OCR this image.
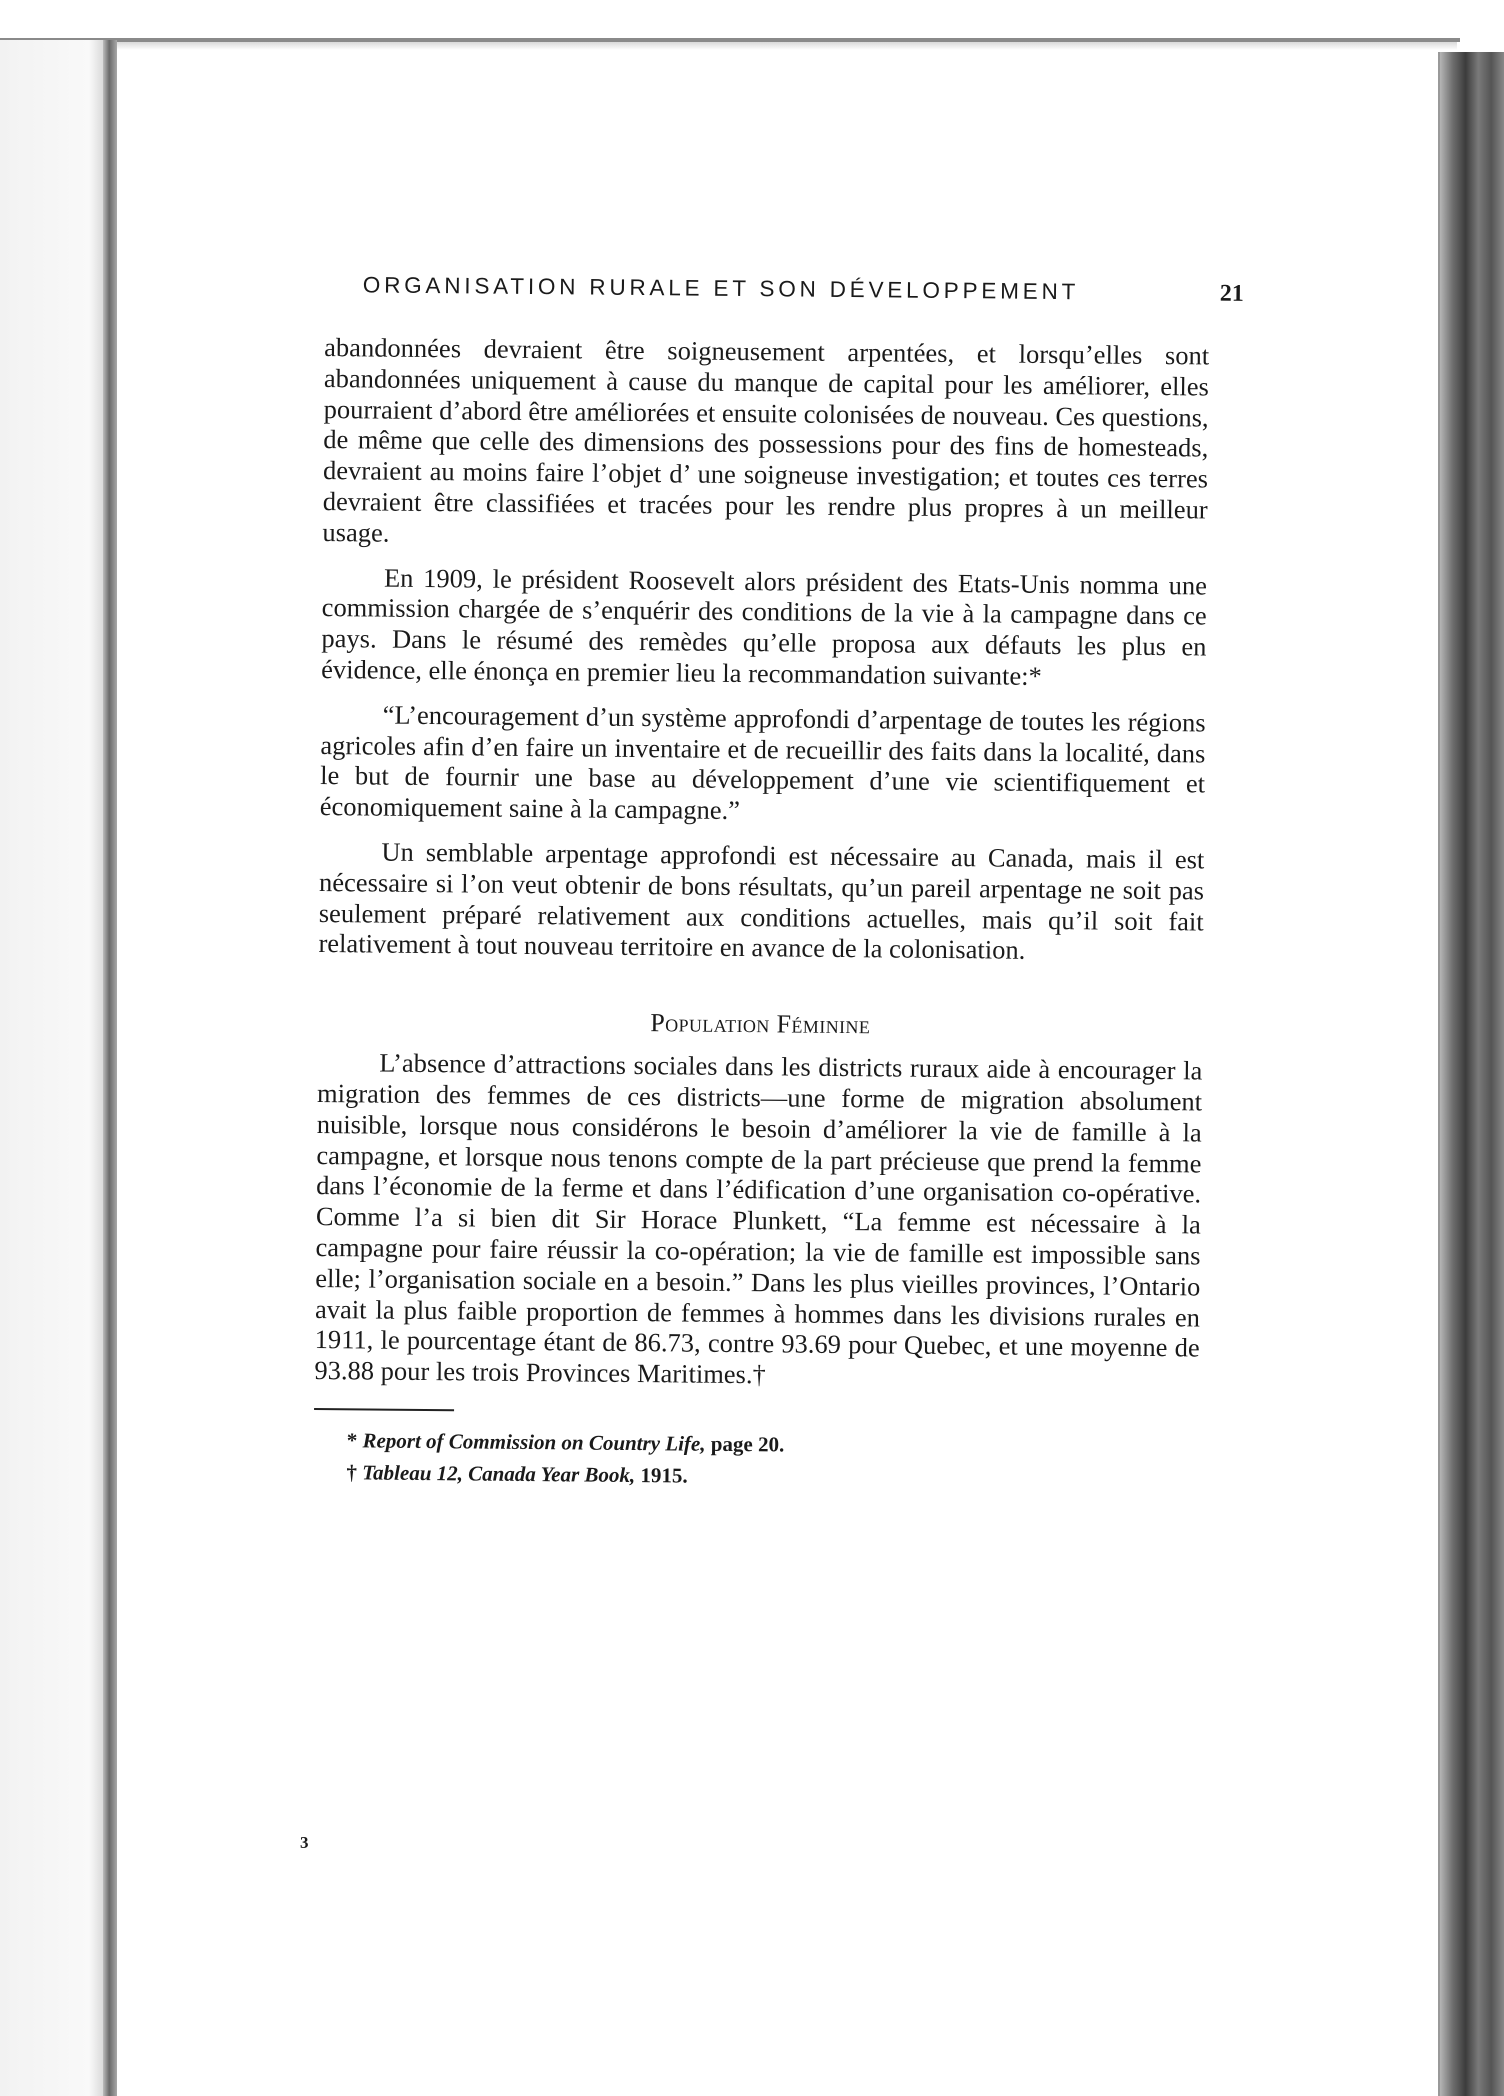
ORGANISATION RURALE ET SON DÉVELOPPEMENT	21

abandonnées devraient être soigneusement arpentées, et lorsqu’elles sont abandonnées uniquement à cause du manque de capital pour les améliorer, elles pourraient d’abord être améliorées et ensuite colonisées de nouveau. Ces questions, de même que celle des dimensions des possessions pour des fins de homesteads, devraient au moins faire l’objet d’ une soigneuse investigation; et toutes ces terres devraient être classifiées et tracées pour les rendre plus propres à un meilleur usage.

En 1909, le président Roosevelt alors président des Etats-Unis nomma une commission chargée de s’enquérir des conditions de la vie à la campagne dans ce pays. Dans le résumé des remèdes qu’elle proposa aux défauts les plus en évidence, elle énonça en premier lieu la recommandation suivante:*

“L’encouragement d’un système approfondi d’arpentage de toutes les régions agricoles afin d’en faire un inventaire et de recueillir des faits dans la localité, dans le but de fournir une base au développement d’une vie scientifiquement et économiquement saine à la campagne.”

Un semblable arpentage approfondi est nécessaire au Canada, mais il est nécessaire si l’on veut obtenir de bons résultats, qu’un pareil arpentage ne soit pas seulement préparé relativement aux conditions actuelles, mais qu’il soit fait relativement à tout nouveau territoire en avance de la colonisation.

Population Féminine

L’absence d’attractions sociales dans les districts ruraux aide à encourager la migration des femmes de ces districts—une forme de migration absolument nuisible, lorsque nous considérons le besoin d’améliorer la vie de famille à la campagne, et lorsque nous tenons compte de la part précieuse que prend la femme dans l’économie de la ferme et dans l’édification d’une organisation co-opérative. Comme l’a si bien dit Sir Horace Plunkett, “La femme est nécessaire à la campagne pour faire réussir la co-opération; la vie de famille est impossible sans elle; l’organisation sociale en a besoin.” Dans les plus vieilles provinces, l’Ontario avait la plus faible proportion de femmes à hommes dans les divisions rurales en 1911, le pourcentage étant de 86.73, contre 93.69 pour Quebec, et une moyenne de 93.88 pour les trois Provinces Maritimes.†

* Report of Commission on Country Life, page 20.
† Tableau 12, Canada Year Book, 1915.
3
